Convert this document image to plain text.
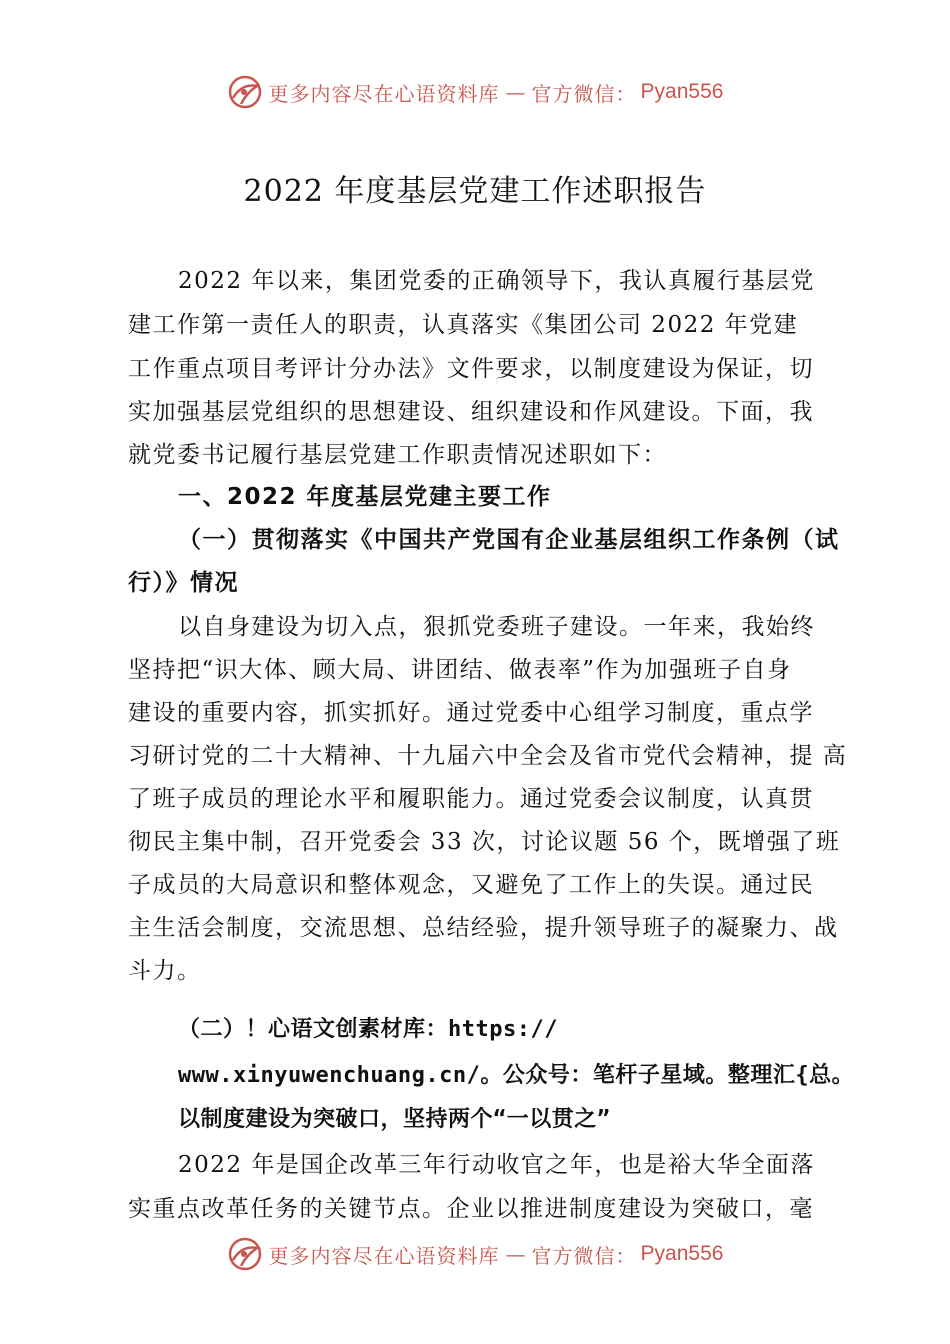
更多内容尽在心语资料库 — 官方微信： Pyan556
2022 年度基层党建工作述职报告
2022 年以来，集团党委的正确领导下，我认真履行基层党
建工作第一责任人的职责，认真落实《集团公司 2022 年党建
工作重点项目考评计分办法》文件要求，以制度建设为保证，切
实加强基层党组织的思想建设、组织建设和作风建设。下面，我
就党委书记履行基层党建工作职责情况述职如下：
一、2022 年度基层党建主要工作
（一）贯彻落实《中国共产党国有企业基层组织工作条例（试
行）》情况
以自身建设为切入点，狠抓党委班子建设。一年来，我始终
坚持把“识大体、顾大局、讲团结、做表率”作为加强班子自身
建设的重要内容，抓实抓好。通过党委中心组学习制度，重点学
习研讨党的二十大精神、十九届六中全会及省市党代会精神，提 高
了班子成员的理论水平和履职能力。通过党委会议制度，认真贯
彻民主集中制，召开党委会 33 次，讨论议题 56 个，既增强了班
子成员的大局意识和整体观念，又避免了工作上的失误。通过民
主生活会制度，交流思想、总结经验，提升领导班子的凝聚力、战
斗力。
（二）！心语文创素材库：https://
www.xinyuwenchuang.cn/。公众号：笔杆子星域。整理汇{总。
以制度建设为突破口，坚持两个“一以贯之”
2022 年是国企改革三年行动收官之年，也是裕大华全面落
实重点改革任务的关键节点。企业以推进制度建设为突破口，毫
更多内容尽在心语资料库 — 官方微信： Pyan556
